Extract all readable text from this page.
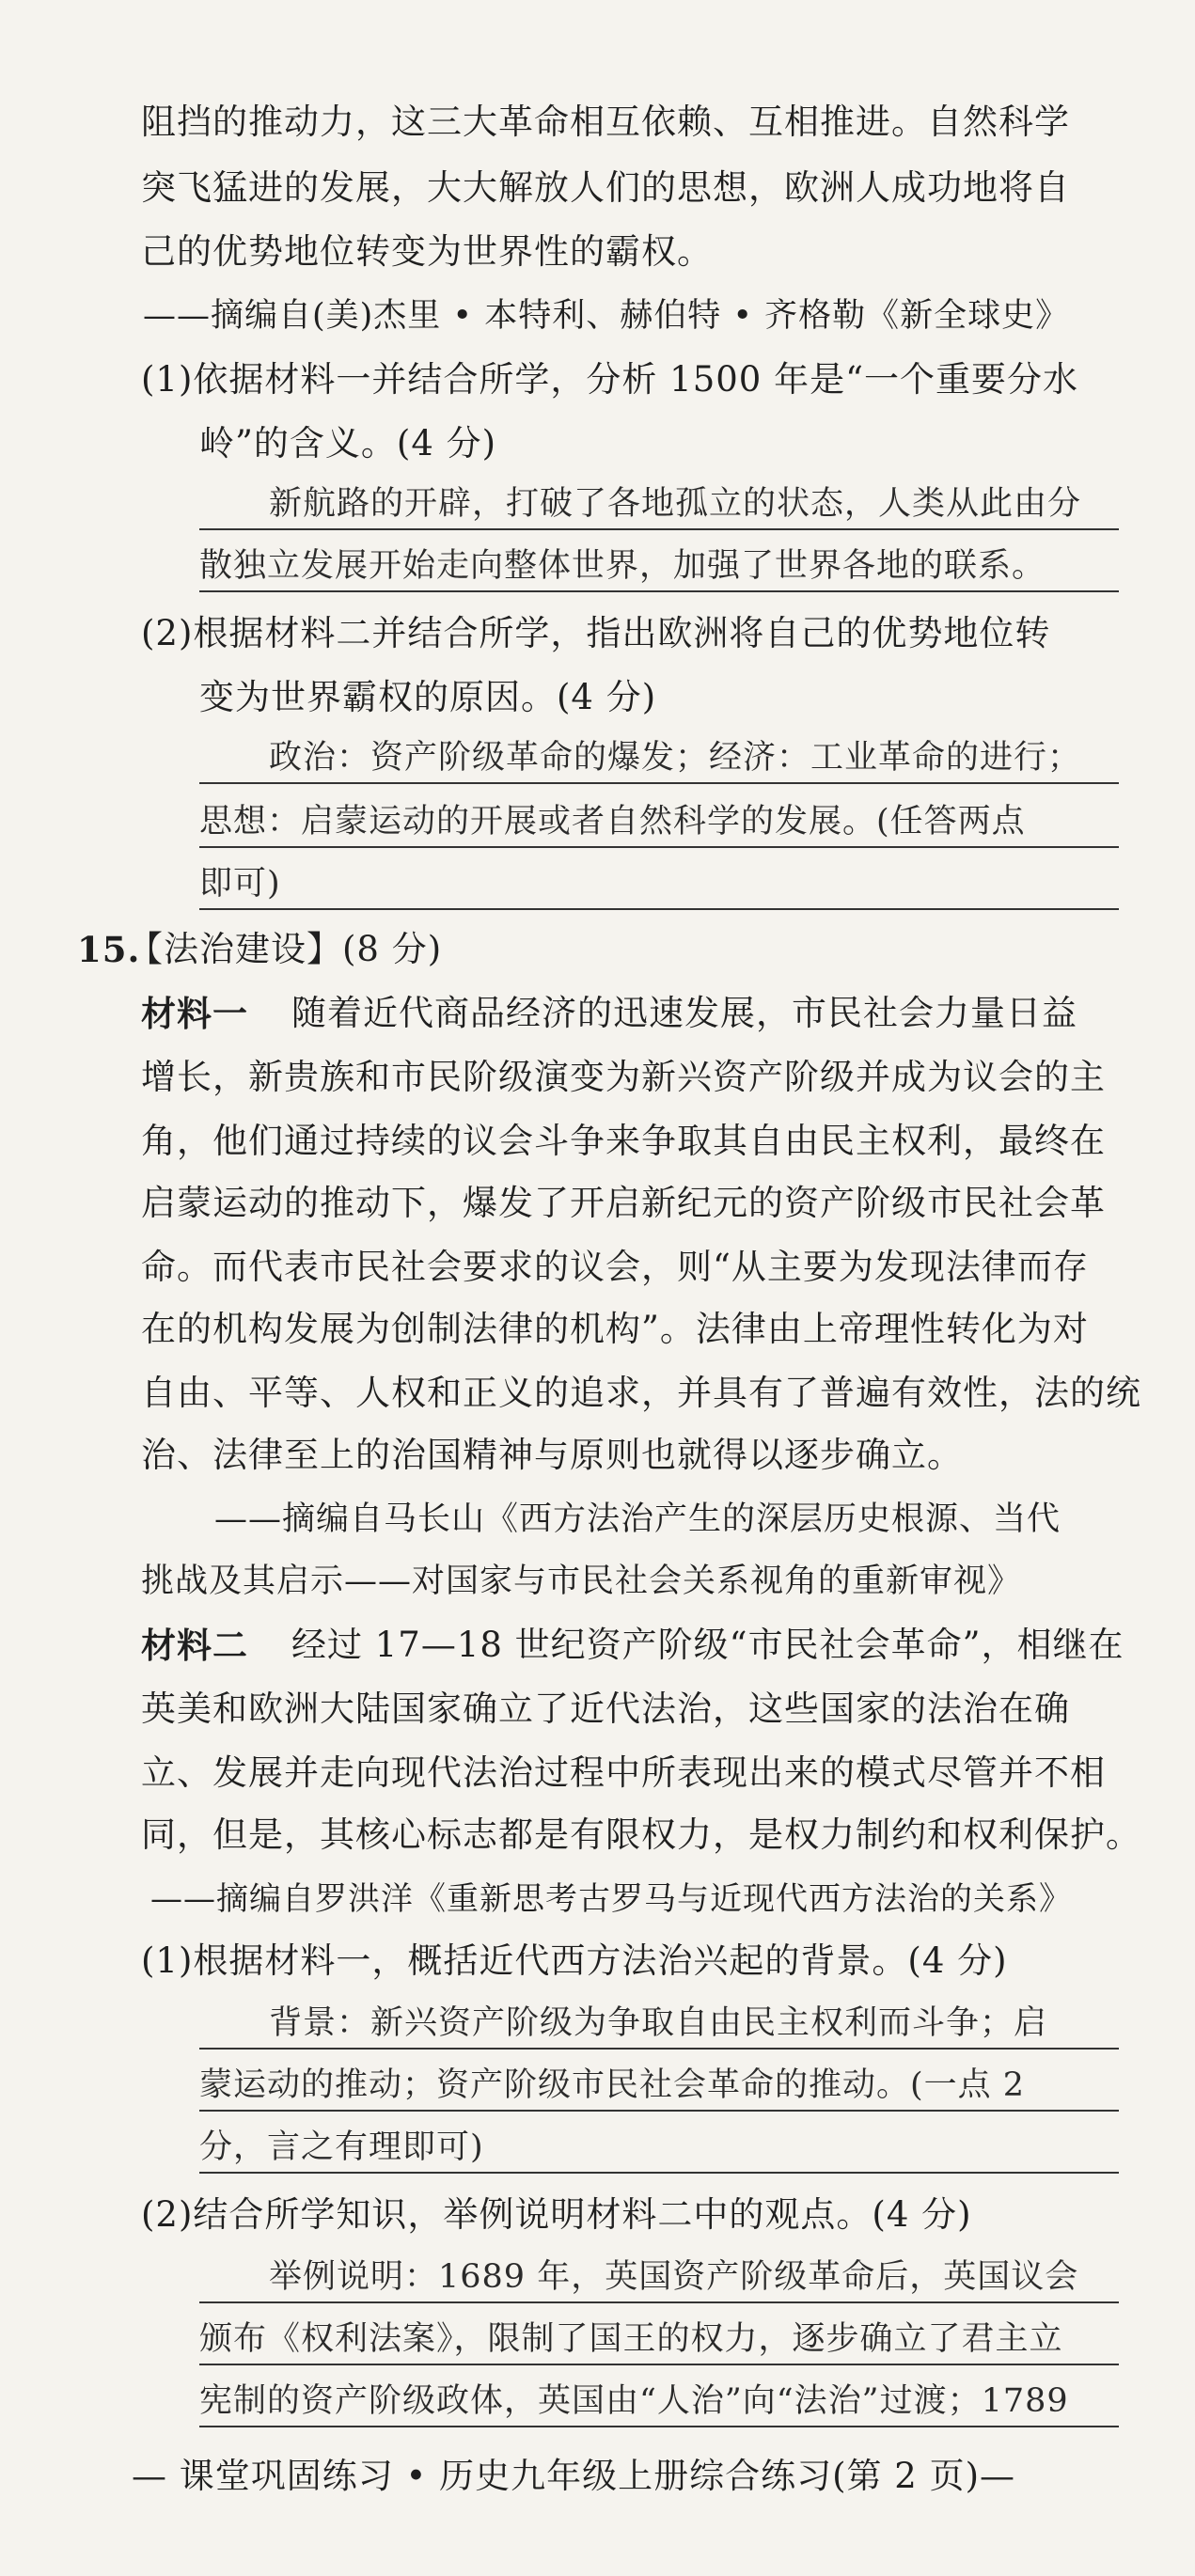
阻挡的推动力，这三大革命相互依赖、互相推进。自然科学
突飞猛进的发展，大大解放人们的思想，欧洲人成功地将自
己的优势地位转变为世界性的霸权。
——摘编自(美)杰里 • 本特利、赫伯特 • 齐格勒《新全球史》
(1)依据材料一并结合所学，分析 1500 年是“一个重要分水
岭”的含义。(4 分)
新航路的开辟，打破了各地孤立的状态，人类从此由分
散独立发展开始走向整体世界，加强了世界各地的联系。
(2)根据材料二并结合所学，指出欧洲将自己的优势地位转
变为世界霸权的原因。(4 分)
政治：资产阶级革命的爆发；经济：工业革命的进行；
思想：启蒙运动的开展或者自然科学的发展。(任答两点
即可)
15.
【法治建设】(8 分)
材料一 随着近代商品经济的迅速发展，市民社会力量日益
增长，新贵族和市民阶级演变为新兴资产阶级并成为议会的主
角，他们通过持续的议会斗争来争取其自由民主权利，最终在
启蒙运动的推动下，爆发了开启新纪元的资产阶级市民社会革
命。而代表市民社会要求的议会，则“从主要为发现法律而存
在的机构发展为创制法律的机构”。法律由上帝理性转化为对
自由、平等、人权和正义的追求，并具有了普遍有效性，法的统
治、法律至上的治国精神与原则也就得以逐步确立。
——摘编自马长山《西方法治产生的深层历史根源、当代
挑战及其启示——对国家与市民社会关系视角的重新审视》
材料二 经过 17—18 世纪资产阶级“市民社会革命”，相继在
英美和欧洲大陆国家确立了近代法治，这些国家的法治在确
立、发展并走向现代法治过程中所表现出来的模式尽管并不相
同，但是，其核心标志都是有限权力，是权力制约和权利保护。
——摘编自罗洪洋《重新思考古罗马与近现代西方法治的关系》
(1)根据材料一，概括近代西方法治兴起的背景。(4 分)
背景：新兴资产阶级为争取自由民主权利而斗争；启
蒙运动的推动；资产阶级市民社会革命的推动。(一点 2
分，言之有理即可)
(2)结合所学知识，举例说明材料二中的观点。(4 分)
举例说明：1689 年，英国资产阶级革命后，英国议会
颁布《权利法案》，限制了国王的权力，逐步确立了君主立
宪制的资产阶级政体，英国由“人治”向“法治”过渡；1789
— 课堂巩固练习 • 历史九年级上册综合练习(第 2 页)—
